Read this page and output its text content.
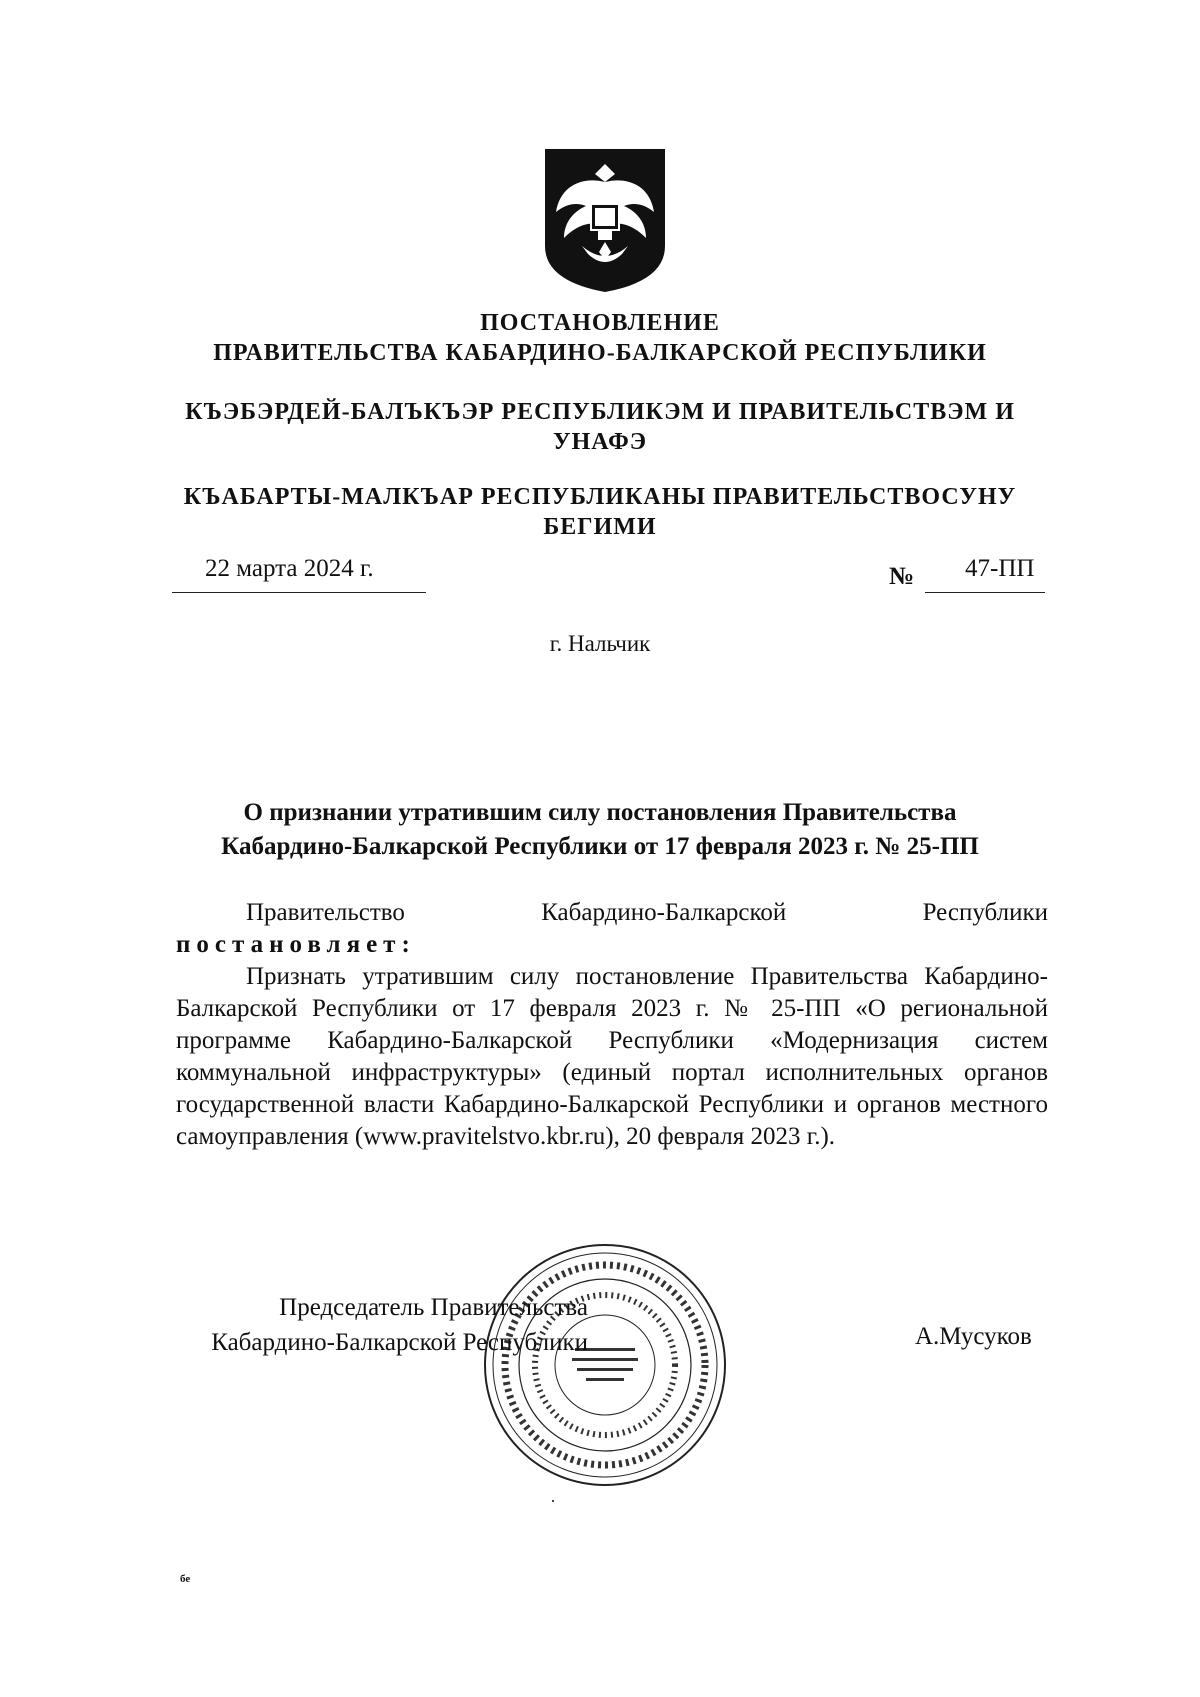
ПОСТАНОВЛЕНИЕ
ПРАВИТЕЛЬСТВА КАБАРДИНО-БАЛКАРСКОЙ РЕСПУБЛИКИ
КЪЭБЭРДЕЙ-БАЛЪКЪЭР РЕСПУБЛИКЭМ И ПРАВИТЕЛЬСТВЭМ И
УНАФЭ
КЪАБАРТЫ-МАЛКЪАР РЕСПУБЛИКАНЫ ПРАВИТЕЛЬСТВОСУНУ
БЕГИМИ
22 марта 2024 г.	№ 47-ПП
г. Нальчик
О признании утратившим силу постановления Правительства
Кабардино-Балкарской Республики от 17 февраля 2023 г. № 25-ПП
Правительство	Кабардино-Балкарской	Республики
постановляет:
Признать утратившим силу постановление Правительства Кабардино-Балкарской Республики от 17 февраля 2023 г. № 25-ПП «О региональной программе Кабардино-Балкарской Республики «Модернизация систем коммунальной инфраструктуры» (единый портал исполнительных органов государственной власти Кабардино-Балкарской Республики и органов местного самоуправления (www.pravitelstvo.kbr.ru), 20 февраля 2023 г.).
Председатель Правительства
Кабардино-Балкарской Республики	А.Мусуков
бе
